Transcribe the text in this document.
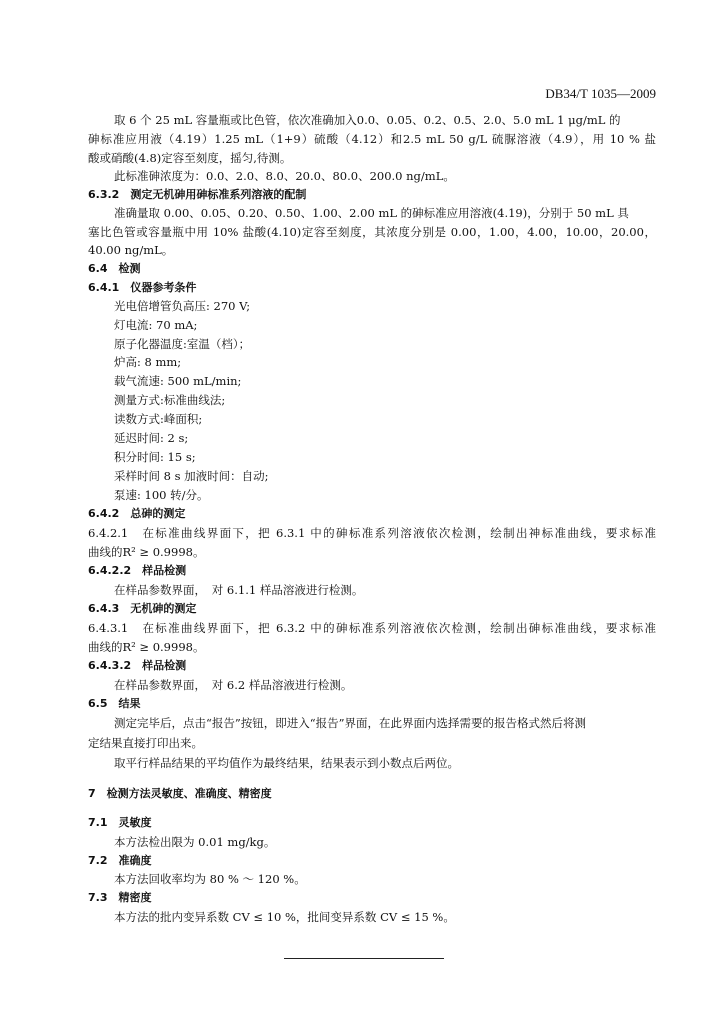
DB34/T 1035—2009
取 6 个 25 mL 容量瓶或比色管，依次准确加入0.0、0.05、0.2、0.5、2.0、5.0 mL 1 μg/mL 的
砷标准应用液（4.19）1.25 mL（1+9）硫酸（4.12）和2.5 mL 50 g/L 硫脲溶液（4.9），用 10 % 盐
酸或硝酸(4.8)定容至刻度，摇匀,待测。
此标准砷浓度为：0.0、2.0、8.0、20.0、80.0、200.0 ng/mL。
6.3.2　测定无机砷用砷标准系列溶液的配制
准确量取 0.00、0.05、0.20、0.50、1.00、2.00 mL 的砷标准应用溶液(4.19)，分别于 50 mL 具
塞比色管或容量瓶中用 10% 盐酸(4.10)定容至刻度，其浓度分别是 0.00，1.00，4.00，10.00，20.00，
40.00 ng/mL。
6.4　检测
6.4.1　仪器参考条件
光电倍增管负高压: 270 V;
灯电流: 70 mA;
原子化器温度:室温（档）；
炉高: 8 mm;
载气流速: 500 mL/min;
测量方式:标准曲线法;
读数方式:峰面积;
延迟时间: 2 s;
积分时间: 15 s;
采样时间 8 s 加液时间：自动;
泵速: 100 转/分。
6.4.2　总砷的测定
6.4.2.1　在标准曲线界面下，把 6.3.1 中的砷标准系列溶液依次检测，绘制出神标准曲线，要求标准
曲线的R² ≥ 0.9998。
6.4.2.2　样品检测
在样品参数界面，　对 6.1.1 样品溶液进行检测。
6.4.3　无机砷的测定
6.4.3.1　在标准曲线界面下，把 6.3.2 中的砷标准系列溶液依次检测，绘制出砷标准曲线，要求标准
曲线的R² ≥ 0.9998。
6.4.3.2　样品检测
在样品参数界面，　对 6.2 样品溶液进行检测。
6.5　结果
测定完毕后，点击“报告”按钮，即进入“报告”界面，在此界面内选择需要的报告格式然后将测
定结果直接打印出来。
取平行样品结果的平均值作为最终结果，结果表示到小数点后两位。
7　检测方法灵敏度、准确度、精密度
7.1　灵敏度
本方法检出限为 0.01 mg/kg。
7.2　准确度
本方法回收率均为 80 % ～ 120 %。
7.3　精密度
本方法的批内变异系数 CV ≤ 10 %，批间变异系数 CV ≤ 15 %。
